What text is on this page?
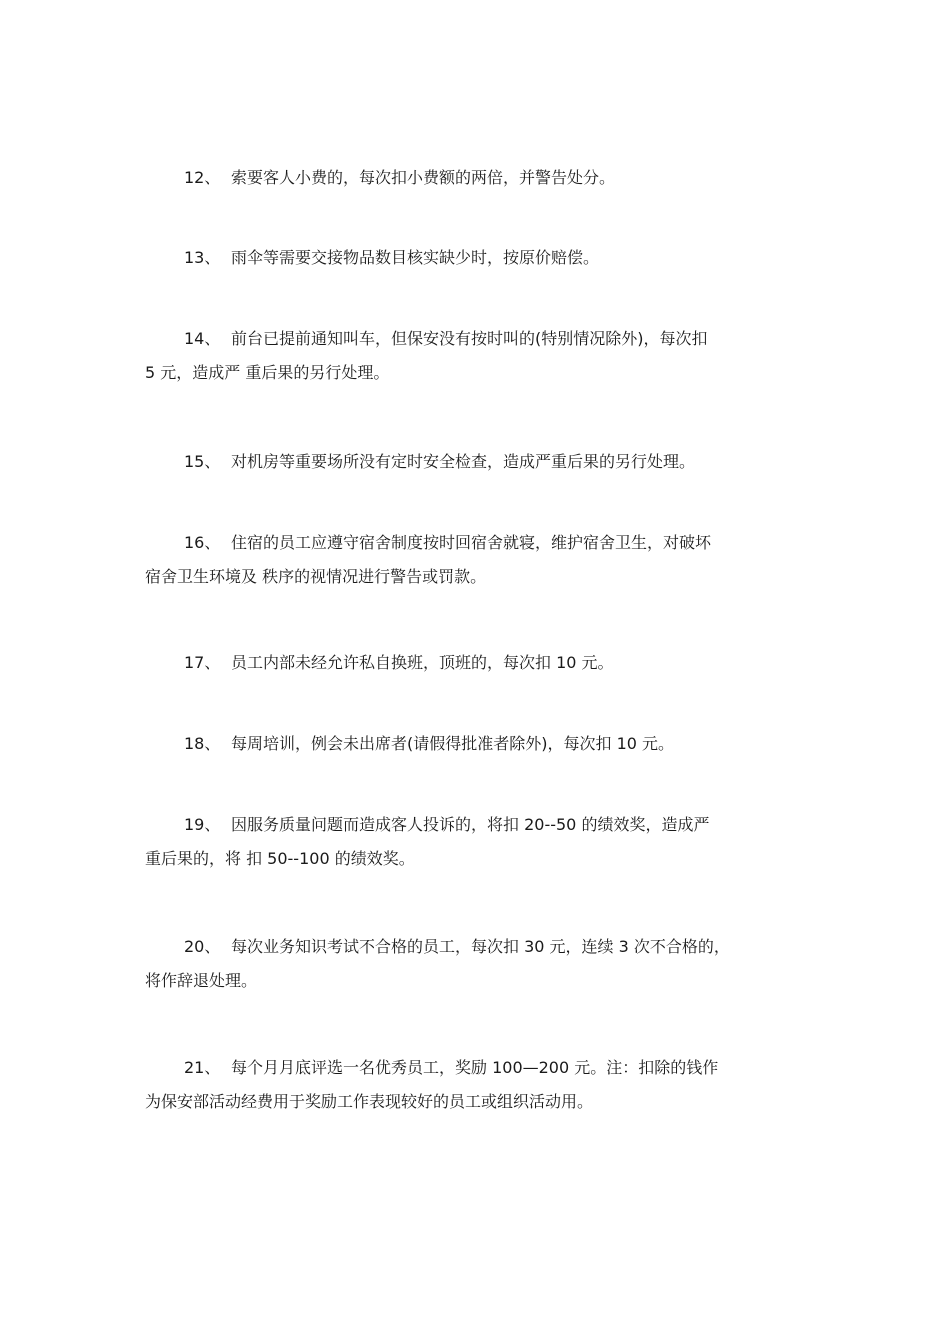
12、 索要客人小费的，每次扣小费额的两倍，并警告处分。
13、 雨伞等需要交接物品数目核实缺少时，按原价赔偿。
14、 前台已提前通知叫车，但保安没有按时叫的(特别情况除外)，每次扣
5 元，造成严 重后果的另行处理。
15、 对机房等重要场所没有定时安全检查，造成严重后果的另行处理。
16、 住宿的员工应遵守宿舍制度按时回宿舍就寝，维护宿舍卫生，对破坏
宿舍卫生环境及 秩序的视情况进行警告或罚款。
17、 员工内部未经允许私自换班，顶班的，每次扣 10 元。
18、 每周培训，例会未出席者(请假得批准者除外)，每次扣 10 元。
19、 因服务质量问题而造成客人投诉的，将扣 20--50 的绩效奖，造成严
重后果的，将 扣 50--100 的绩效奖。
20、 每次业务知识考试不合格的员工，每次扣 30 元，连续 3 次不合格的，
将作辞退处理。
21、 每个月月底评选一名优秀员工，奖励 100—200 元。注：扣除的钱作
为保安部活动经费用于奖励工作表现较好的员工或组织活动用。
